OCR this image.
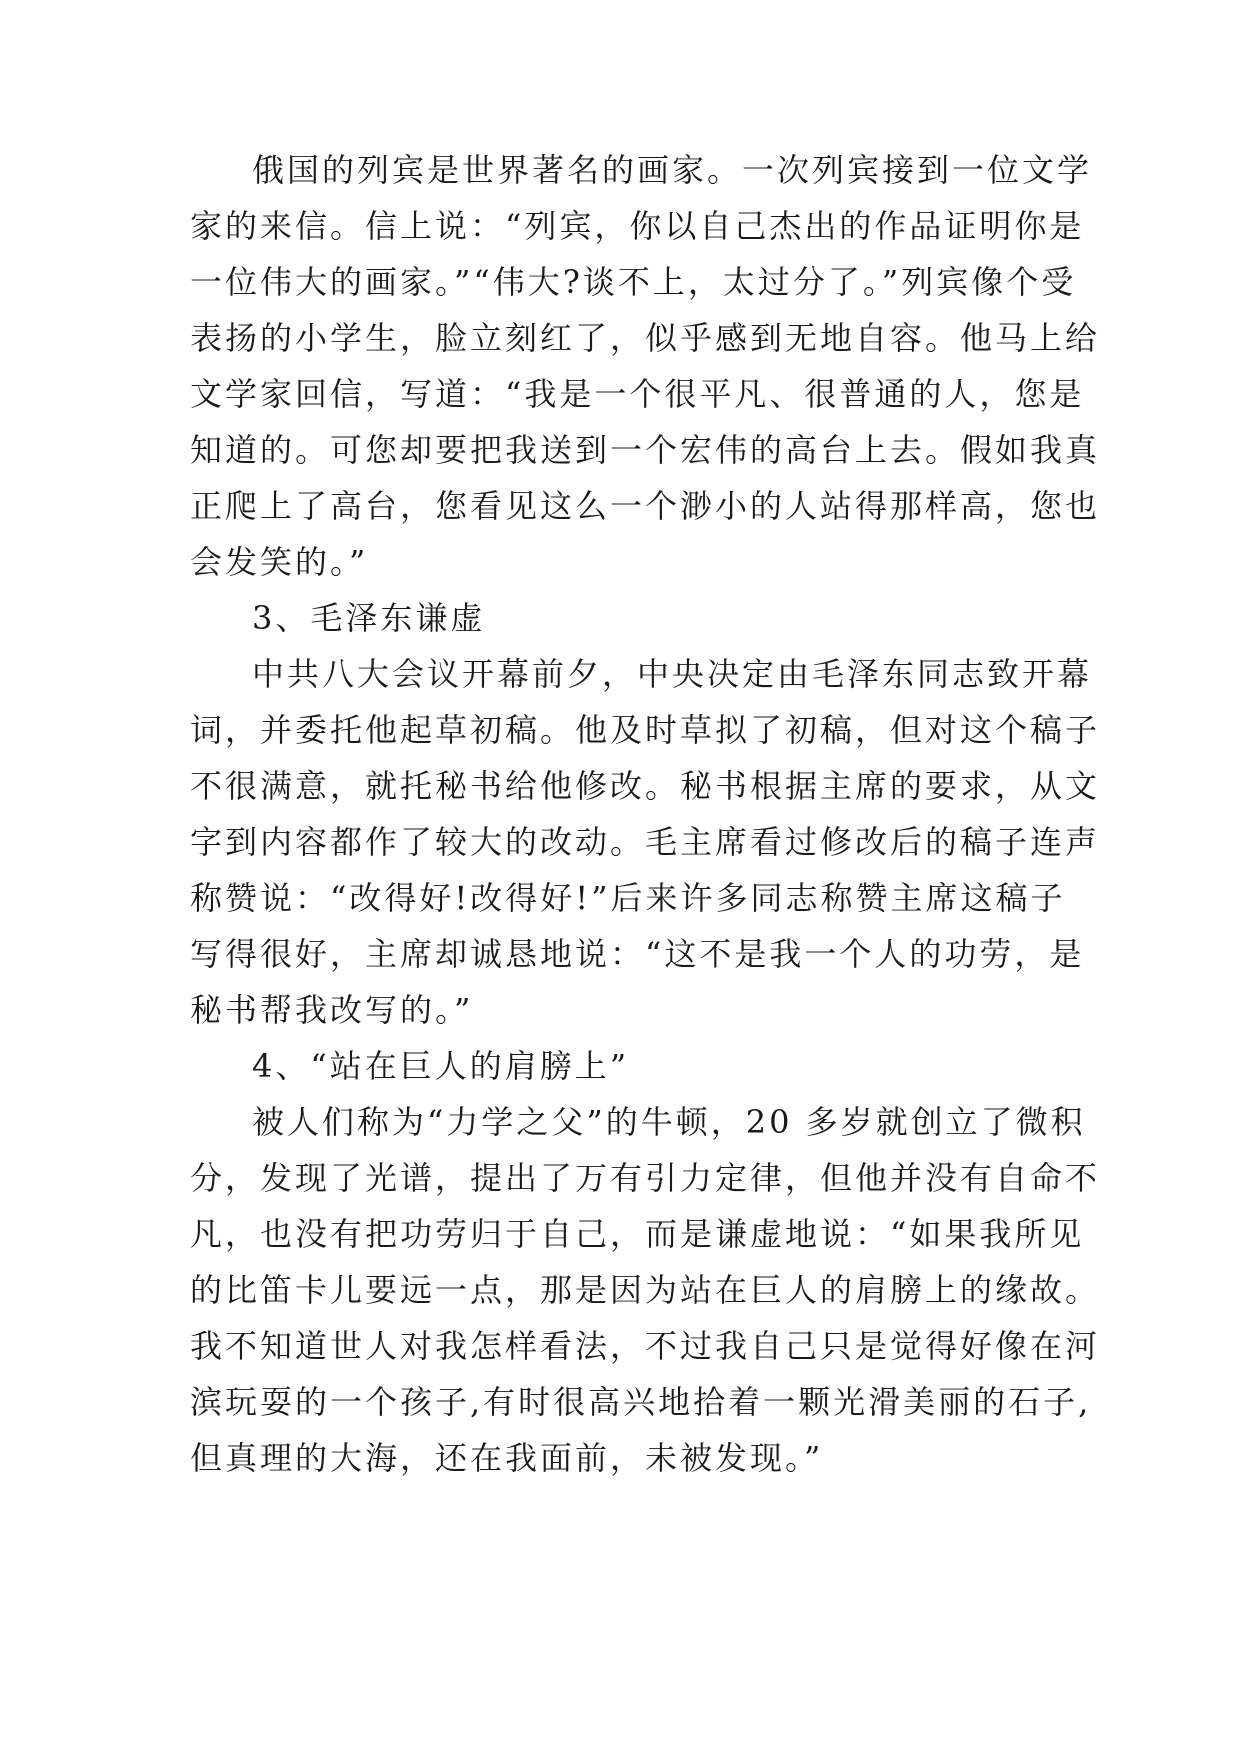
俄国的列宾是世界著名的画家。一次列宾接到一位文学
家的来信。信上说：“列宾，你以自己杰出的作品证明你是
一位伟大的画家。”“伟大?谈不上，太过分了。”列宾像个受
表扬的小学生，脸立刻红了，似乎感到无地自容。他马上给
文学家回信，写道：“我是一个很平凡、很普通的人，您是
知道的。可您却要把我送到一个宏伟的高台上去。假如我真
正爬上了高台，您看见这么一个渺小的人站得那样高，您也
会发笑的。”
3、毛泽东谦虚
中共八大会议开幕前夕，中央决定由毛泽东同志致开幕
词，并委托他起草初稿。他及时草拟了初稿，但对这个稿子
不很满意，就托秘书给他修改。秘书根据主席的要求，从文
字到内容都作了较大的改动。毛主席看过修改后的稿子连声
称赞说：“改得好!改得好!”后来许多同志称赞主席这稿子
写得很好，主席却诚恳地说：“这不是我一个人的功劳，是
秘书帮我改写的。”
4、“站在巨人的肩膀上”
被人们称为“力学之父”的牛顿，20 多岁就创立了微积
分，发现了光谱，提出了万有引力定律，但他并没有自命不
凡，也没有把功劳归于自己，而是谦虚地说：“如果我所见
的比笛卡儿要远一点，那是因为站在巨人的肩膀上的缘故。
我不知道世人对我怎样看法，不过我自己只是觉得好像在河
滨玩耍的一个孩子,有时很高兴地拾着一颗光滑美丽的石子,
但真理的大海，还在我面前，未被发现。”
